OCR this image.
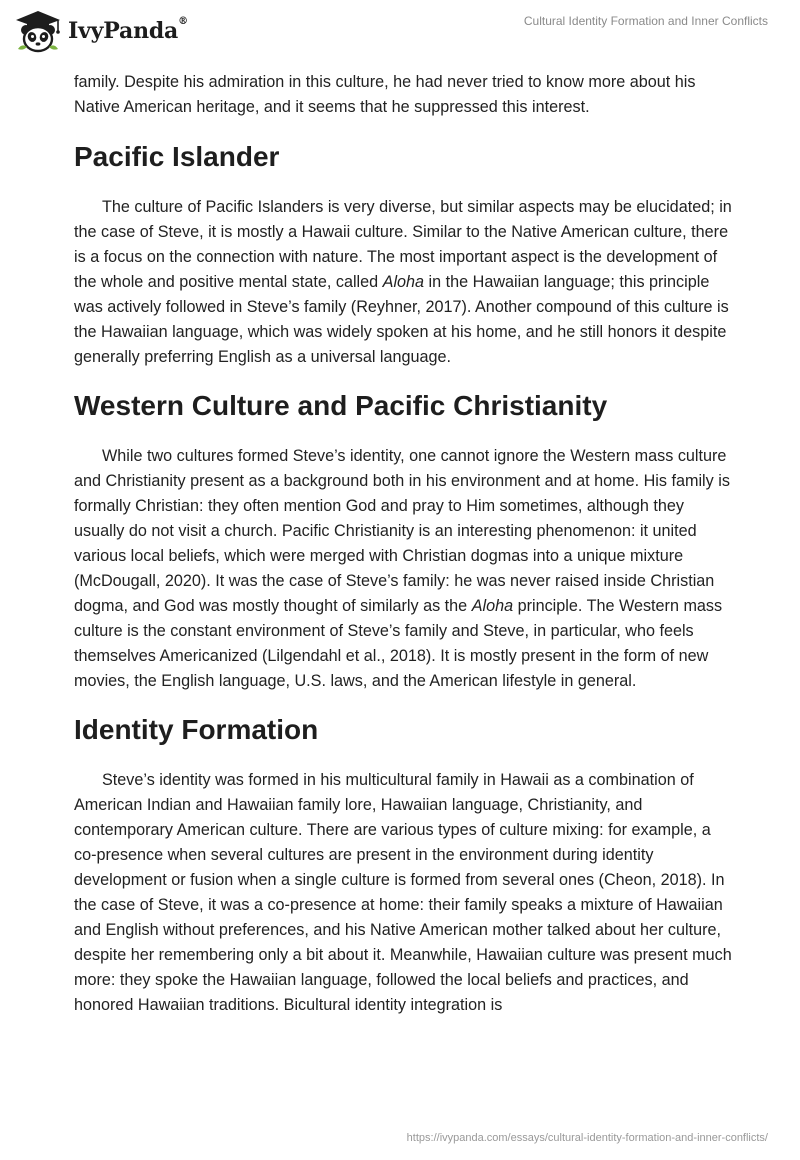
IvyPanda®	Cultural Identity Formation and Inner Conflicts

family. Despite his admiration in this culture, he had never tried to know more about his Native American heritage, and it seems that he suppressed this interest.

Pacific Islander

The culture of Pacific Islanders is very diverse, but similar aspects may be elucidated; in the case of Steve, it is mostly a Hawaii culture. Similar to the Native American culture, there is a focus on the connection with nature. The most important aspect is the development of the whole and positive mental state, called Aloha in the Hawaiian language; this principle was actively followed in Steve’s family (Reyhner, 2017). Another compound of this culture is the Hawaiian language, which was widely spoken at his home, and he still honors it despite generally preferring English as a universal language.

Western Culture and Pacific Christianity

While two cultures formed Steve’s identity, one cannot ignore the Western mass culture and Christianity present as a background both in his environment and at home. His family is formally Christian: they often mention God and pray to Him sometimes, although they usually do not visit a church. Pacific Christianity is an interesting phenomenon: it united various local beliefs, which were merged with Christian dogmas into a unique mixture (McDougall, 2020). It was the case of Steve’s family: he was never raised inside Christian dogma, and God was mostly thought of similarly as the Aloha principle. The Western mass culture is the constant environment of Steve’s family and Steve, in particular, who feels themselves Americanized (Lilgendahl et al., 2018). It is mostly present in the form of new movies, the English language, U.S. laws, and the American lifestyle in general.

Identity Formation

Steve’s identity was formed in his multicultural family in Hawaii as a combination of American Indian and Hawaiian family lore, Hawaiian language, Christianity, and contemporary American culture. There are various types of culture mixing: for example, a co-presence when several cultures are present in the environment during identity development or fusion when a single culture is formed from several ones (Cheon, 2018). In the case of Steve, it was a co-presence at home: their family speaks a mixture of Hawaiian and English without preferences, and his Native American mother talked about her culture, despite her remembering only a bit about it. Meanwhile, Hawaiian culture was present much more: they spoke the Hawaiian language, followed the local beliefs and practices, and honored Hawaiian traditions. Bicultural identity integration is

https://ivypanda.com/essays/cultural-identity-formation-and-inner-conflicts/
